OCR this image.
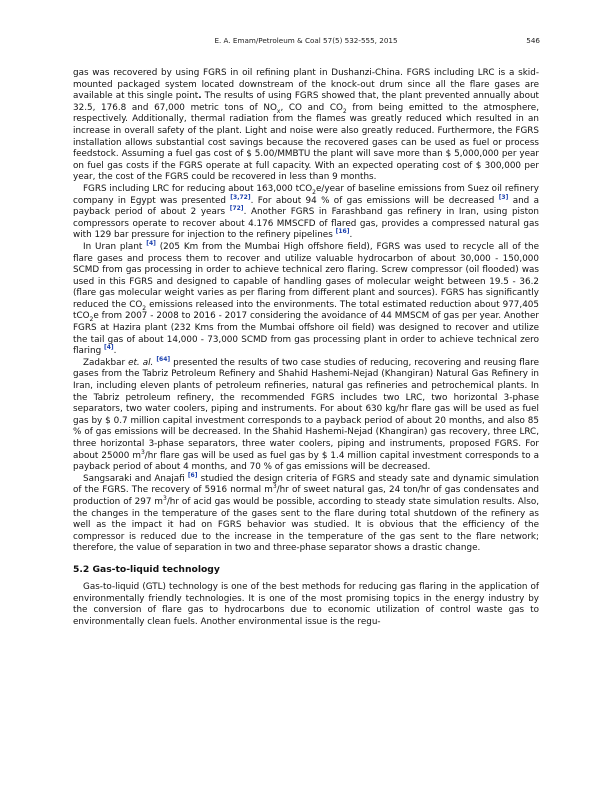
E. A. Emam/Petroleum & Coal 57(5) 532-555, 2015	546

gas was recovered by using FGRS in oil refining plant in Dushanzi-China. FGRS including LRC is a skid-mounted packaged system located downstream of the knock-out drum since all the flare gases are available at this single point. The results of using FGRS showed that, the plant prevented annually about 32.5, 176.8 and 67,000 metric tons of $NO_x$, CO and $CO_2$ from being emitted to the atmosphere, respectively. Additionally, thermal radiation from the flames was greatly reduced which resulted in an increase in overall safety of the plant. Light and noise were also greatly reduced. Furthermore, the FGRS installation allows substantial cost savings because the recovered gases can be used as fuel or process feedstock. Assuming a fuel gas cost of $ 5.00/MMBTU the plant will save more than $ 5,000,000 per year on fuel gas costs if the FGRS operate at full capacity. With an expected operating cost of $ 300,000 per year, the cost of the FGRS could be recovered in less than 9 months.

FGRS including LRC for reducing about 163,000 tCO$_2$e/year of baseline emissions from Suez oil refinery company in Egypt was presented [3,72]. For about 94 % of gas emissions will be decreased [3] and a payback period of about 2 years [72]. Another FGRS in Farashband gas refinery in Iran, using piston compressors operate to recover about 4.176 MMSCFD of flared gas, provides a compressed natural gas with 129 bar pressure for injection to the refinery pipelines [16].

In Uran plant [4] (205 Km from the Mumbai High offshore field), FGRS was used to recycle all of the flare gases and process them to recover and utilize valuable hydrocarbon of about 30,000 - 150,000 SCMD from gas processing in order to achieve technical zero flaring. Screw compressor (oil flooded) was used in this FGRS and designed to capable of handling gases of molecular weight between 19.5 - 36.2 (flare gas molecular weight varies as per flaring from different plant and sources). FGRS has significantly reduced the $CO_2$ emissions released into the environments. The total estimated reduction about 977,405 tCO$_2$e from 2007 - 2008 to 2016 - 2017 considering the avoidance of 44 MMSCM of gas per year. Another FGRS at Hazira plant (232 Kms from the Mumbai offshore oil field) was designed to recover and utilize the tail gas of about 14,000 - 73,000 SCMD from gas processing plant in order to achieve technical zero flaring [4].

Zadakbar et. al. [64] presented the results of two case studies of reducing, recovering and reusing flare gases from the Tabriz Petroleum Refinery and Shahid Hashemi-Nejad (Khangiran) Natural Gas Refinery in Iran, including eleven plants of petroleum refineries, natural gas refineries and petrochemical plants. In the Tabriz petroleum refinery, the recommended FGRS includes two LRC, two horizontal 3-phase separators, two water coolers, piping and instruments. For about 630 kg/hr flare gas will be used as fuel gas by $ 0.7 million capital investment corresponds to a payback period of about 20 months, and also 85 % of gas emissions will be decreased. In the Shahid Hashemi-Nejad (Khangiran) gas recovery, three LRC, three horizontal 3-phase separators, three water coolers, piping and instruments, proposed FGRS. For about 25000 $m^3/hr$ flare gas will be used as fuel gas by $ 1.4 million capital investment corresponds to a payback period of about 4 months, and 70 % of gas emissions will be decreased.

Sangsaraki and Anajafi [6] studied the design criteria of FGRS and steady sate and dynamic simulation of the FGRS. The recovery of 5916 normal $m^3/hr$ of sweet natural gas, 24 ton/hr of gas condensates and production of 297 $m^3/hr$ of acid gas would be possible, according to steady state simulation results. Also, the changes in the temperature of the gases sent to the flare during total shutdown of the refinery as well as the impact it had on FGRS behavior was studied. It is obvious that the efficiency of the compressor is reduced due to the increase in the temperature of the gas sent to the flare network; therefore, the value of separation in two and three-phase separator shows a drastic change.

5.2 Gas-to-liquid technology

Gas-to-liquid (GTL) technology is one of the best methods for reducing gas flaring in the application of environmentally friendly technologies. It is one of the most promising topics in the energy industry by the conversion of flare gas to hydrocarbons due to economic utilization of control waste gas to environmentally clean fuels. Another environmental issue is the regu-
